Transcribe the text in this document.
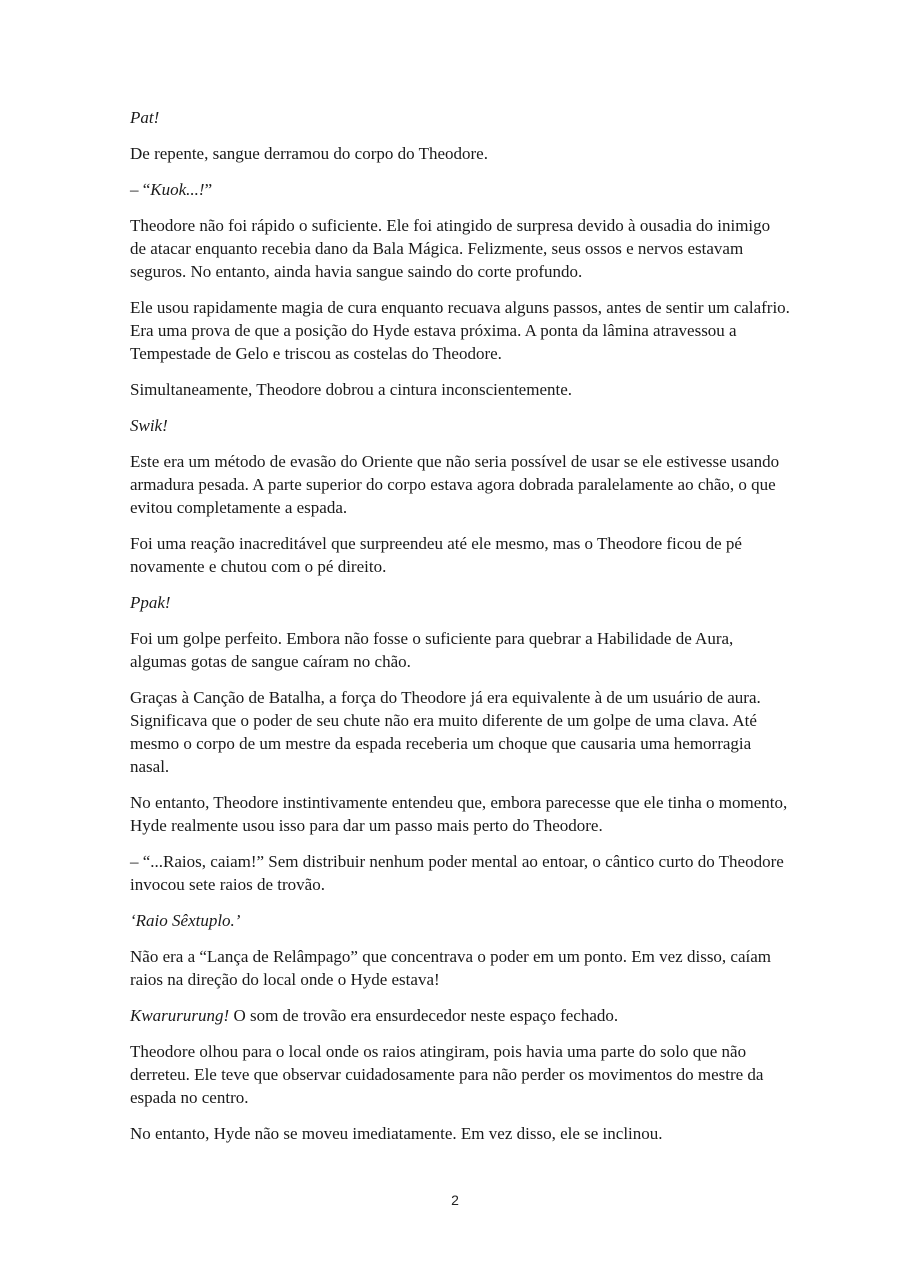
Pat!

De repente, sangue derramou do corpo do Theodore.

– “Kuok...!”

Theodore não foi rápido o suficiente. Ele foi atingido de surpresa devido à ousadia do inimigo de atacar enquanto recebia dano da Bala Mágica. Felizmente, seus ossos e nervos estavam seguros. No entanto, ainda havia sangue saindo do corte profundo.

Ele usou rapidamente magia de cura enquanto recuava alguns passos, antes de sentir um calafrio. Era uma prova de que a posição do Hyde estava próxima. A ponta da lâmina atravessou a Tempestade de Gelo e triscou as costelas do Theodore.

Simultaneamente, Theodore dobrou a cintura inconscientemente.

Swik!

Este era um método de evasão do Oriente que não seria possível de usar se ele estivesse usando armadura pesada. A parte superior do corpo estava agora dobrada paralelamente ao chão, o que evitou completamente a espada.

Foi uma reação inacreditável que surpreendeu até ele mesmo, mas o Theodore ficou de pé novamente e chutou com o pé direito.

Ppak!

Foi um golpe perfeito. Embora não fosse o suficiente para quebrar a Habilidade de Aura, algumas gotas de sangue caíram no chão.

Graças à Canção de Batalha, a força do Theodore já era equivalente à de um usuário de aura. Significava que o poder de seu chute não era muito diferente de um golpe de uma clava. Até mesmo o corpo de um mestre da espada receberia um choque que causaria uma hemorragia nasal.

No entanto, Theodore instintivamente entendeu que, embora parecesse que ele tinha o momento, Hyde realmente usou isso para dar um passo mais perto do Theodore.

– “...Raios, caiam!” Sem distribuir nenhum poder mental ao entoar, o cântico curto do Theodore invocou sete raios de trovão.

‘Raio Sêxtuplo.’

Não era a “Lança de Relâmpago” que concentrava o poder em um ponto. Em vez disso, caíam raios na direção do local onde o Hyde estava!

Kwarururung! O som de trovão era ensurdecedor neste espaço fechado.

Theodore olhou para o local onde os raios atingiram, pois havia uma parte do solo que não derreteu. Ele teve que observar cuidadosamente para não perder os movimentos do mestre da espada no centro.

No entanto, Hyde não se moveu imediatamente. Em vez disso, ele se inclinou.

2
